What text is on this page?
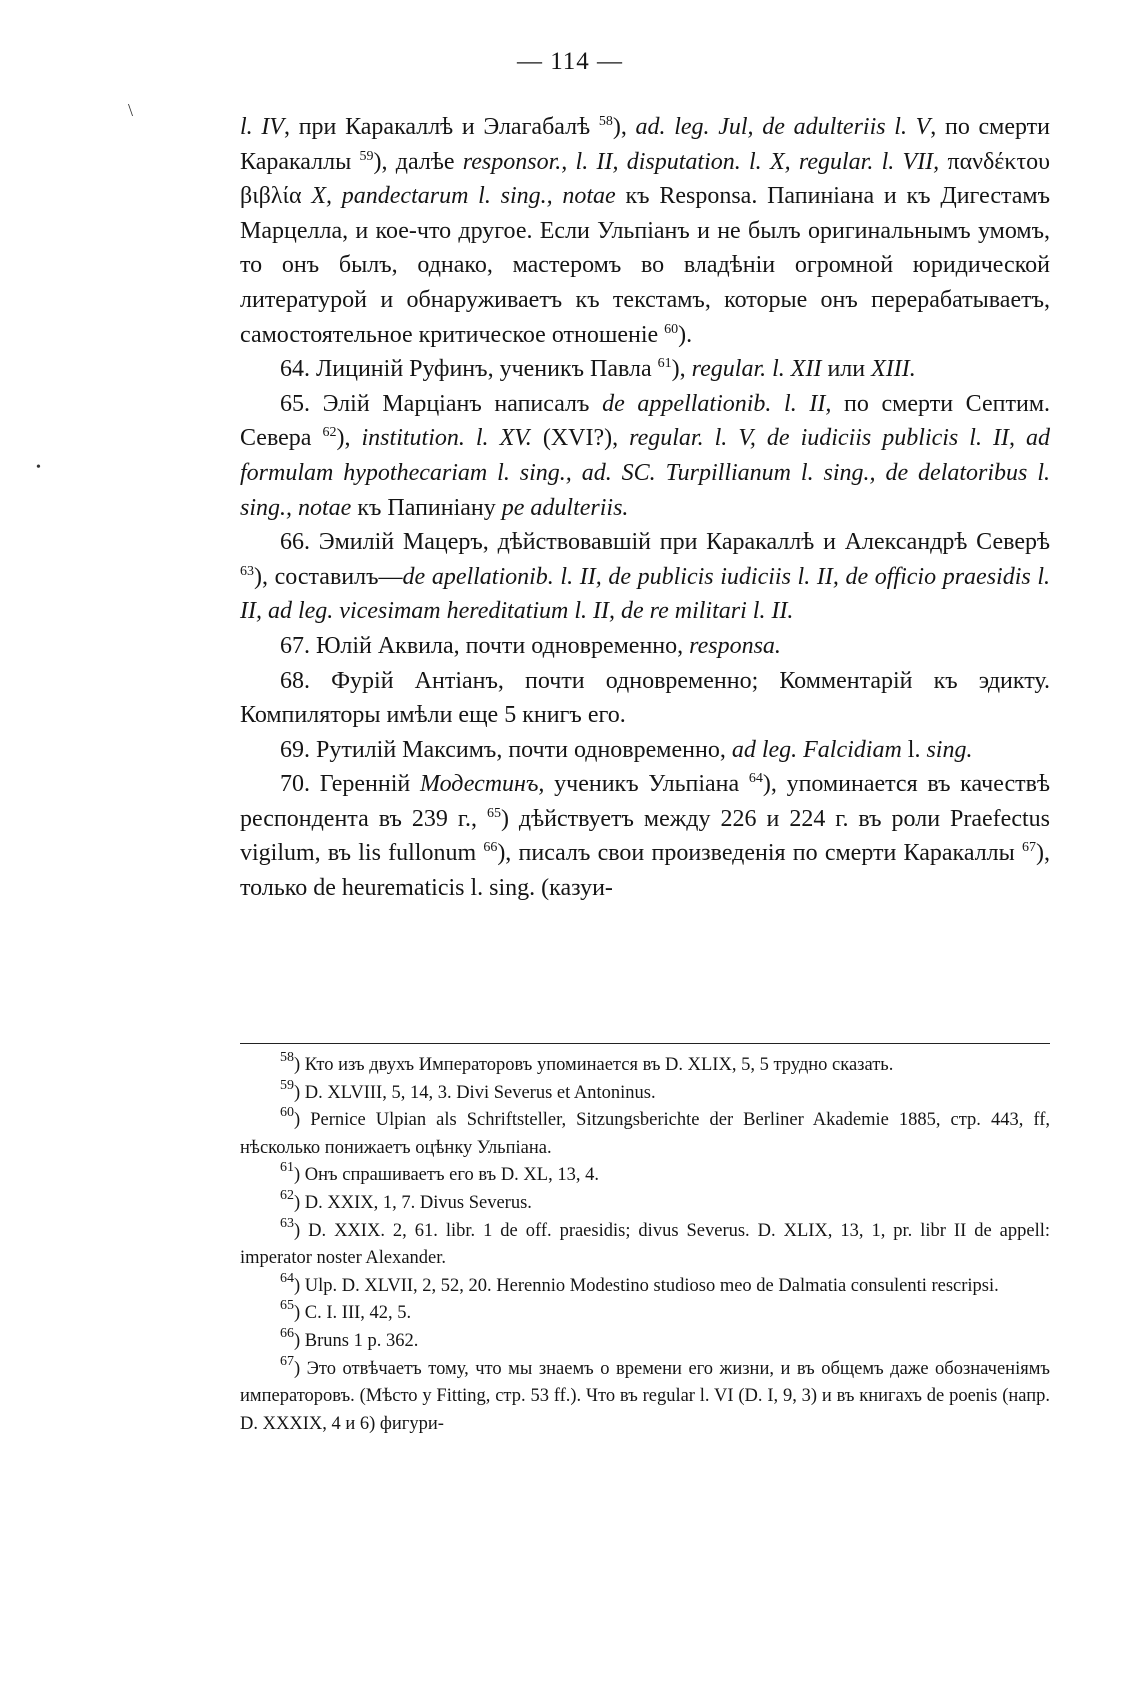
— 114 —
\
•

l. IV, при Каракаллѣ и Элагабалѣ $^{58}$), ad. leg. Jul, de adulteriis l. V, по смерти Каракаллы $^{59}$), далѣе responsor., l. II, disputation. l. X, regular. l. VII, πανδέκτου βιβλία X, pandectarum l. sing., notae къ Responsa. Папиніана и къ Дигестамъ Марцелла, и кое-что другое. Если Ульпіанъ и не былъ оригинальнымъ умомъ, то онъ былъ, однако, мастеромъ во владѣніи огромной юридической литературой и обнаруживаетъ къ текстамъ, которые онъ перерабатываетъ, самостоятельное критическое отношеніе $^{60}$).

64. Лициній Руфинъ, ученикъ Павла $^{61}$), regular. l. XII или XIII.

65. Элій Марціанъ написалъ de appellationib. l. II, по смерти Септим. Севера $^{62}$), institution. l. XV. (XVI?), regular. l. V, de iudiciis publicis l. II, ad formulam hypothecariam l. sing., ad. SC. Turpillianum l. sing., de delatoribus l. sing., notae къ Папиніану pe adulteriis.

66. Эмилій Мацеръ, дѣйствовавшій при Каракаллѣ и Александрѣ Северѣ $^{63}$), составилъ—de apellationib. l. II, de publicis iudiciis l. II, de officio praesidis l. II, ad leg. vicesimam hereditatium l. II, de re militari l. II.

67. Юлій Аквила, почти одновременно, responsa.

68. Фурій Антіанъ, почти одновременно; Комментарій къ эдикту. Компиляторы имѣли еще 5 книгъ его.

69. Рутилій Максимъ, почти одновременно, ad leg. Falcidiam l. sing.

70. Гереннiй Модестинъ, ученикъ Ульпіана $^{64}$), упоминается въ качествѣ респондента въ 239 г., $^{65}$) дѣйствуетъ между 226 и 224 г. въ роли Praefectus vigilum, въ lis fullonum $^{66}$), писалъ свои произведенія по смерти Каракаллы $^{67}$), только de heurematicis l. sing. (казуи-

$^{58}$) Кто изъ двухъ Императоровъ упоминается въ D. XLIX, 5, 5 трудно сказать.

$^{59}$) D. XLVIII, 5, 14, 3. Divi Severus et Antoninus.

$^{60}$) Pernice Ulpian als Schriftsteller, Sitzungsberichte der Berliner Akademie 1885, стр. 443, ff, нѣсколько понижаетъ оцѣнку Ульпіана.

$^{61}$) Онъ спрашиваетъ его въ D. XL, 13, 4.

$^{62}$) D. XXIX, 1, 7. Divus Severus.

$^{63}$) D. XXIX. 2, 61. libr. 1 de off. praesidis; divus Severus. D. XLIX, 13, 1, pr. libr II de appell: imperator noster Alexander.

$^{64}$) Ulp. D. XLVII, 2, 52, 20. Herennio Modestino studioso meo de Dalmatia consulenti rescripsi.

$^{65}$) C. I. III, 42, 5.

$^{66}$) Bruns 1 p. 362.

$^{67}$) Это отвѣчаетъ тому, что мы знаемъ о времени его жизни, и въ общемъ даже обозначеніямъ императоровъ. (Мѣсто у Fitting, стр. 53 ff.). Что въ regular l. VI (D. I, 9, 3) и въ книгахъ de poenis (напр. D. XXXIX, 4 и 6) фигури-
